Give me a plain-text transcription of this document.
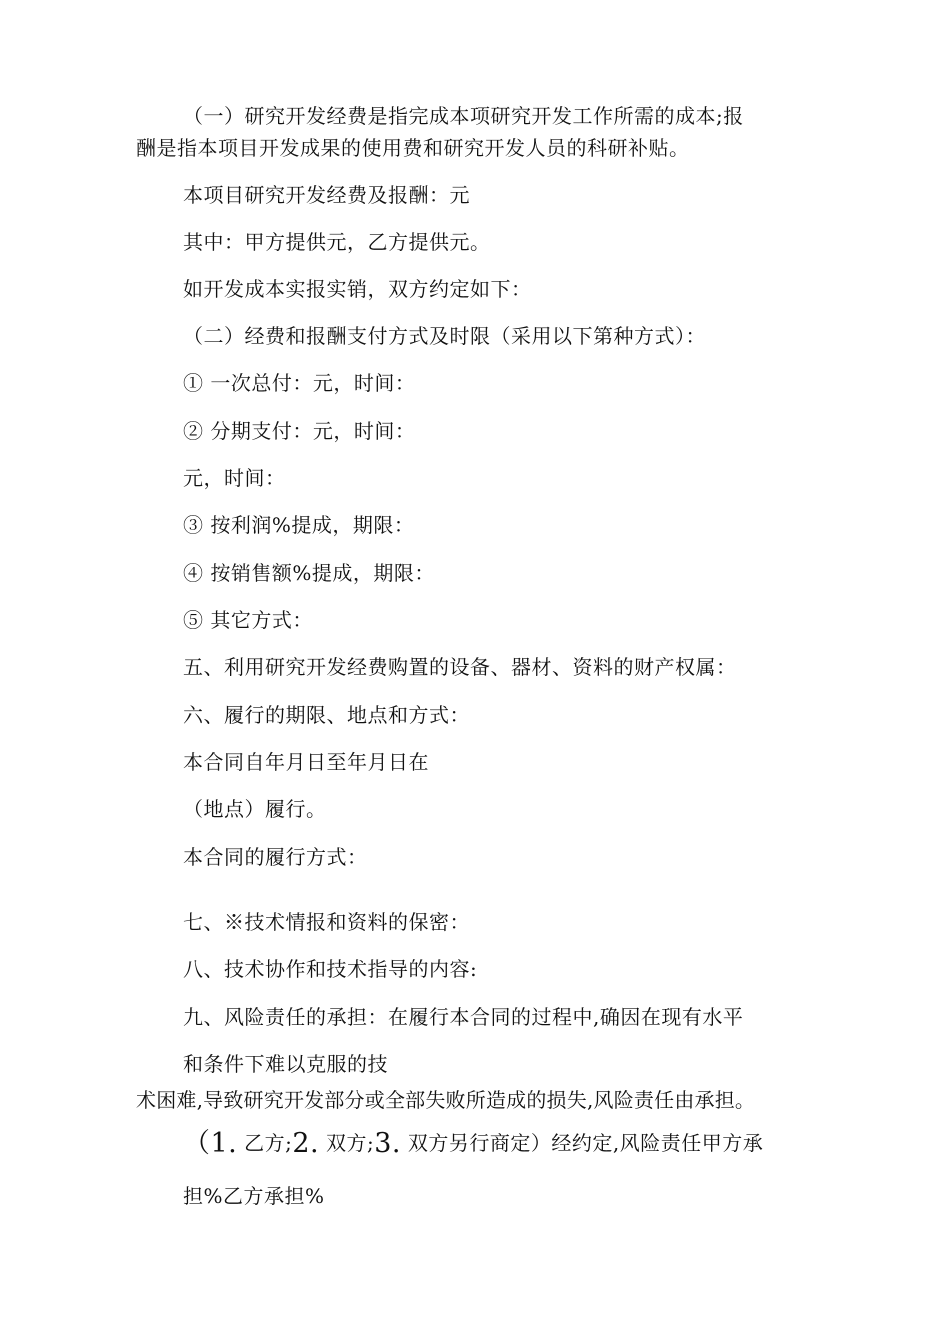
（一）研究开发经费是指完成本项研究开发工作所需的成本;报
酬是指本项目开发成果的使用费和研究开发人员的科研补贴。
本项目研究开发经费及报酬：元
其中：甲方提供元，乙方提供元。
如开发成本实报实销，双方约定如下：
（二）经费和报酬支付方式及时限（采用以下第种方式）：
① 一次总付：元，时间：
② 分期支付：元，时间：
元，时间：
③ 按利润%提成，期限：
④ 按销售额%提成，期限：
⑤ 其它方式：
五、利用研究开发经费购置的设备、器材、资料的财产权属：
六、履行的期限、地点和方式：
本合同自年月日至年月日在
（地点）履行。
本合同的履行方式：
七、※技术情报和资料的保密：
八、技术协作和技术指导的内容:
九、风险责任的承担：在履行本合同的过程中,确因在现有水平
和条件下难以克服的技
术困难,导致研究开发部分或全部失败所造成的损失,风险责任由承担。
（1. 乙方;2. 双方;3. 双方另行商定）经约定,风险责任甲方承
担%乙方承担%
